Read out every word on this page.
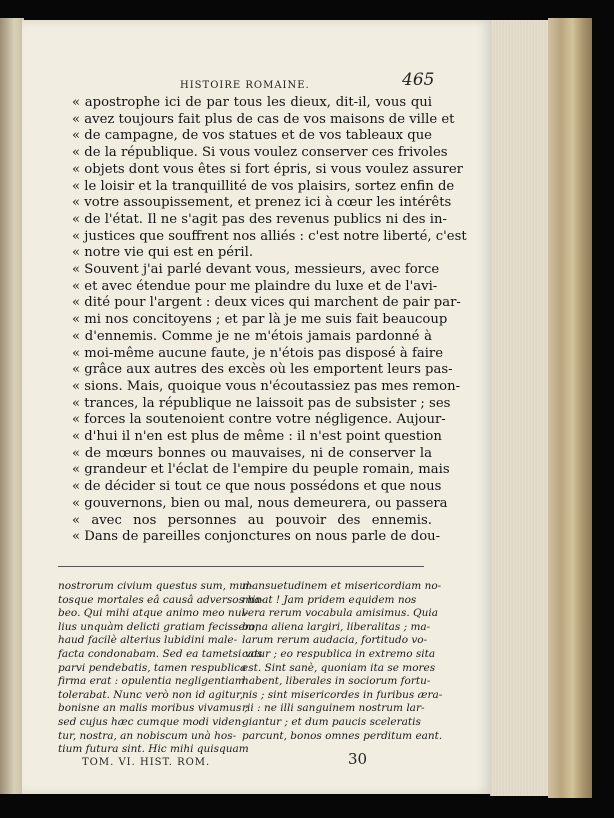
HISTOIRE ROMAINE.	465
« apostrophe ici de par tous les dieux, dit-il, vous qui
« avez toujours fait plus de cas de vos maisons de ville et
« de campagne, de vos statues et de vos tableaux que
« de la république. Si vous voulez conserver ces frivoles
« objets dont vous êtes si fort épris, si vous voulez assurer
« le loisir et la tranquillité de vos plaisirs, sortez enfin de
« votre assoupissement, et prenez ici à cœur les intérêts
« de l'état. Il ne s'agit pas des revenus publics ni des in-
« justices que souffrent nos alliés : c'est notre liberté, c'est
« notre vie qui est en péril.
« Souvent j'ai parlé devant vous, messieurs, avec force
« et avec étendue pour me plaindre du luxe et de l'avi-
« dité pour l'argent : deux vices qui marchent de pair par-
« mi nos concitoyens ; et par là je me suis fait beaucoup
« d'ennemis. Comme je ne m'étois jamais pardonné à
« moi-même aucune faute, je n'étois pas disposé à faire
« grâce aux autres des excès où les emportent leurs pas-
« sions. Mais, quoique vous n'écoutassiez pas mes remon-
« trances, la république ne laissoit pas de subsister ; ses
« forces la soutenoient contre votre négligence. Aujour-
« d'hui il n'en est plus de même : il n'est point question
« de mœurs bonnes ou mauvaises, ni de conserver la
« grandeur et l'éclat de l'empire du peuple romain, mais
« de décider si tout ce que nous possédons et que nous
« gouvernons, bien ou mal, nous demeurera, ou passera
« avec nos personnes au pouvoir des ennemis.
« Dans de pareilles conjonctures on nous parle de dou-
nostrorum civium questus sum, mul-
tosque mortales eâ causâ adversos ha-
beo. Qui mihi atque animo meo nul-
lius unquàm delicti gratiam fecissem,
haud facilè alterius lubidini male-
facta condonabam. Sed ea tametsi vos
parvi pendebatis, tamen respublica
firma erat : opulentia negligentiam
tolerabat. Nunc verò non id agitur,
bonisne an malis moribus vivamus ;
sed cujus hæc cumque modi viden-
tur, nostra, an nobiscum unà hos-
tium futura sint. Hic mihi quisquam
mansuetudinem et misericordiam no-
minat ! Jam pridem equidem nos
vera rerum vocabula amisimus. Quia
bona aliena largiri, liberalitas ; ma-
larum rerum audacia, fortitudo vo-
catur ; eo respublica in extremo sita
est. Sint sanè, quoniam ita se mores
habent, liberales in sociorum fortu-
nis ; sint misericordes in furibus æra-
rii : ne illi sanguinem nostrum lar-
giantur ; et dum paucis sceleratis
parcunt, bonos omnes perditum eant.
TOM. VI. HIST. ROM.	30
